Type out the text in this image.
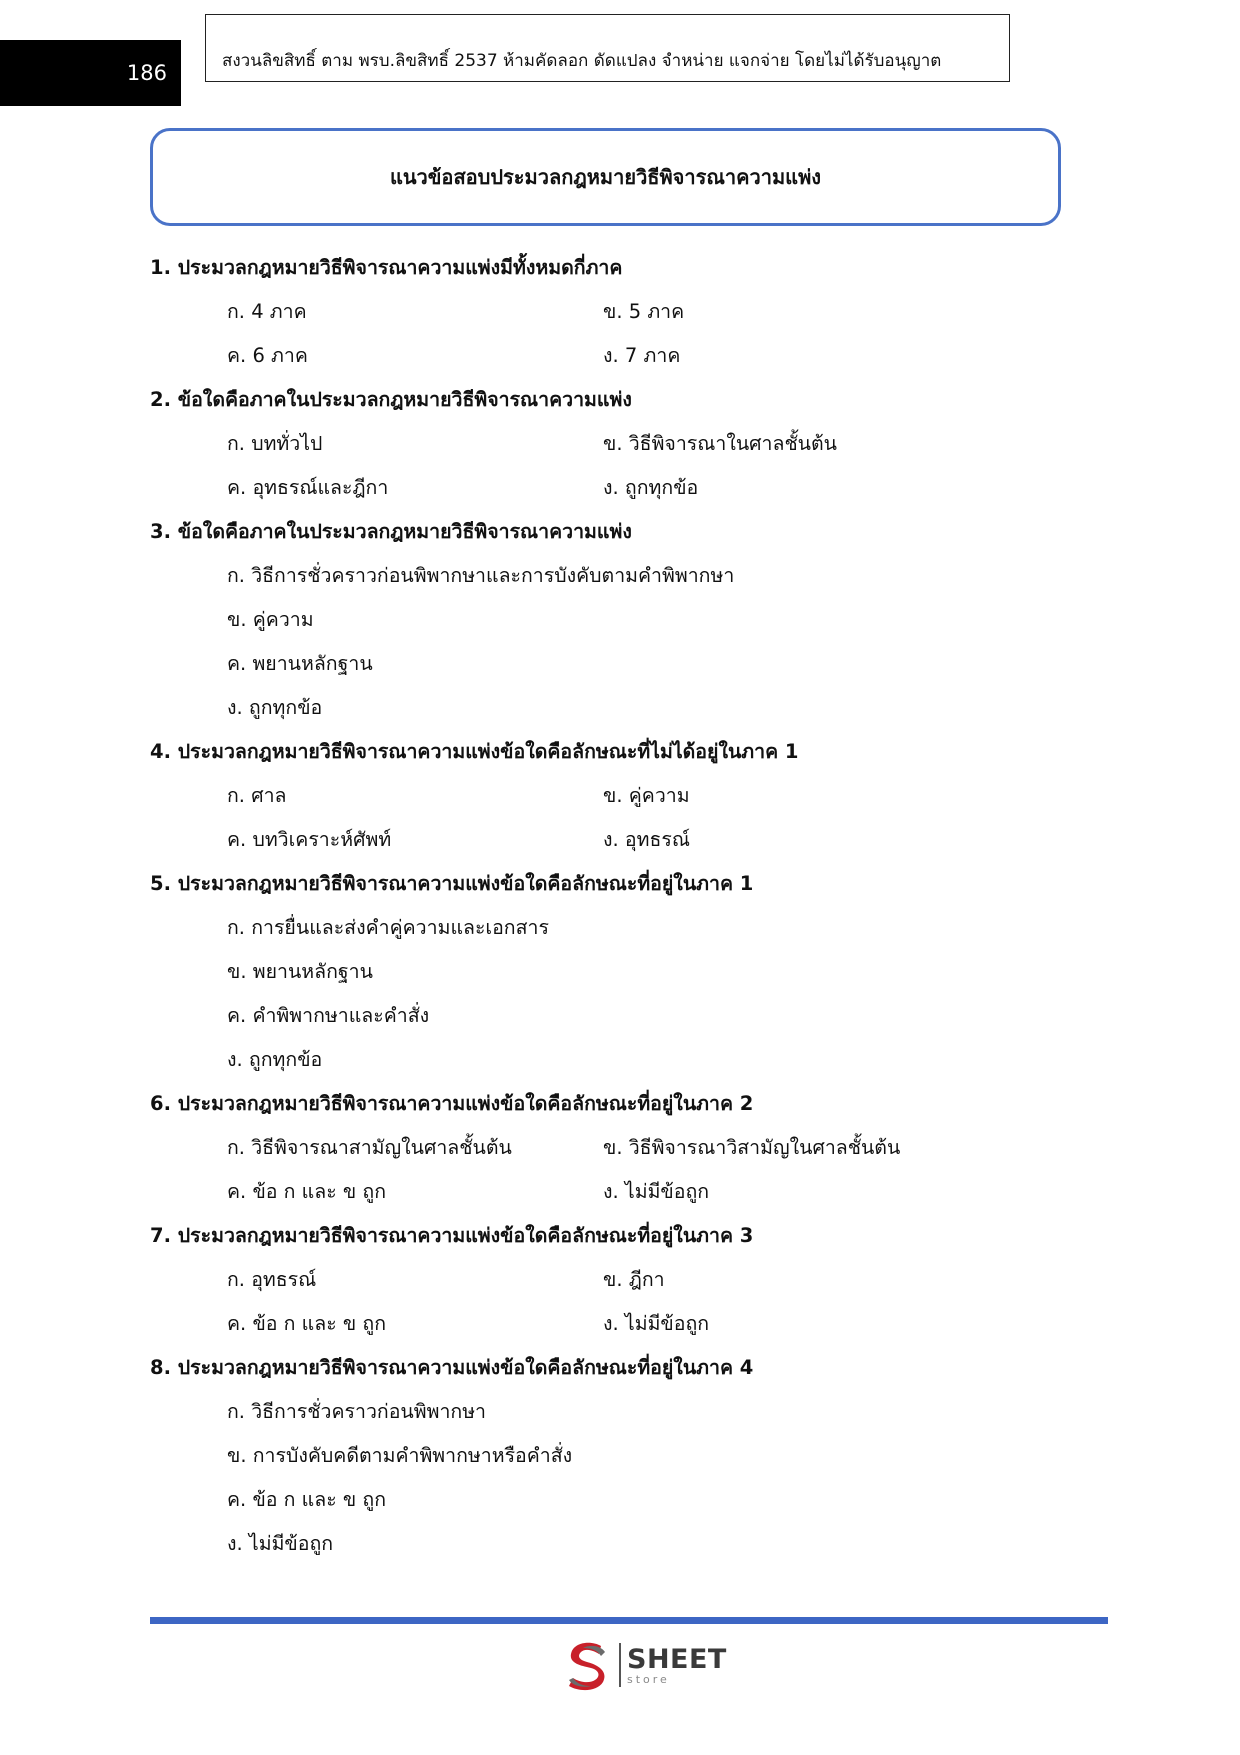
186	สงวนลิขสิทธิ์ ตาม พรบ.ลิขสิทธิ์ 2537 ห้ามคัดลอก ดัดแปลง จำหน่าย แจกจ่าย โดยไม่ได้รับอนุญาต
แนวข้อสอบประมวลกฎหมายวิธีพิจารณาความแพ่ง
1. ประมวลกฎหมายวิธีพิจารณาความแพ่งมีทั้งหมดกี่ภาค
ก. 4 ภาค	ข. 5 ภาค
ค. 6 ภาค	ง. 7 ภาค
2. ข้อใดคือภาคในประมวลกฎหมายวิธีพิจารณาความแพ่ง
ก. บททั่วไป	ข. วิธีพิจารณาในศาลชั้นต้น
ค. อุทธรณ์และฎีกา	ง. ถูกทุกข้อ
3. ข้อใดคือภาคในประมวลกฎหมายวิธีพิจารณาความแพ่ง
ก. วิธีการชั่วคราวก่อนพิพากษาและการบังคับตามคำพิพากษา
ข. คู่ความ
ค. พยานหลักฐาน
ง. ถูกทุกข้อ
4. ประมวลกฎหมายวิธีพิจารณาความแพ่งข้อใดคือลักษณะที่ไม่ได้อยู่ในภาค 1
ก. ศาล	ข. คู่ความ
ค. บทวิเคราะห์ศัพท์	ง. อุทธรณ์
5. ประมวลกฎหมายวิธีพิจารณาความแพ่งข้อใดคือลักษณะที่อยู่ในภาค 1
ก. การยื่นและส่งคำคู่ความและเอกสาร
ข. พยานหลักฐาน
ค. คำพิพากษาและคำสั่ง
ง. ถูกทุกข้อ
6. ประมวลกฎหมายวิธีพิจารณาความแพ่งข้อใดคือลักษณะที่อยู่ในภาค 2
ก. วิธีพิจารณาสามัญในศาลชั้นต้น	ข. วิธีพิจารณาวิสามัญในศาลชั้นต้น
ค. ข้อ ก และ ข ถูก	ง. ไม่มีข้อถูก
7. ประมวลกฎหมายวิธีพิจารณาความแพ่งข้อใดคือลักษณะที่อยู่ในภาค 3
ก. อุทธรณ์	ข. ฎีกา
ค. ข้อ ก และ ข ถูก	ง. ไม่มีข้อถูก
8. ประมวลกฎหมายวิธีพิจารณาความแพ่งข้อใดคือลักษณะที่อยู่ในภาค 4
ก. วิธีการชั่วคราวก่อนพิพากษา
ข. การบังคับคดีตามคำพิพากษาหรือคำสั่ง
ค. ข้อ ก และ ข ถูก
ง. ไม่มีข้อถูก
SHEET
store
